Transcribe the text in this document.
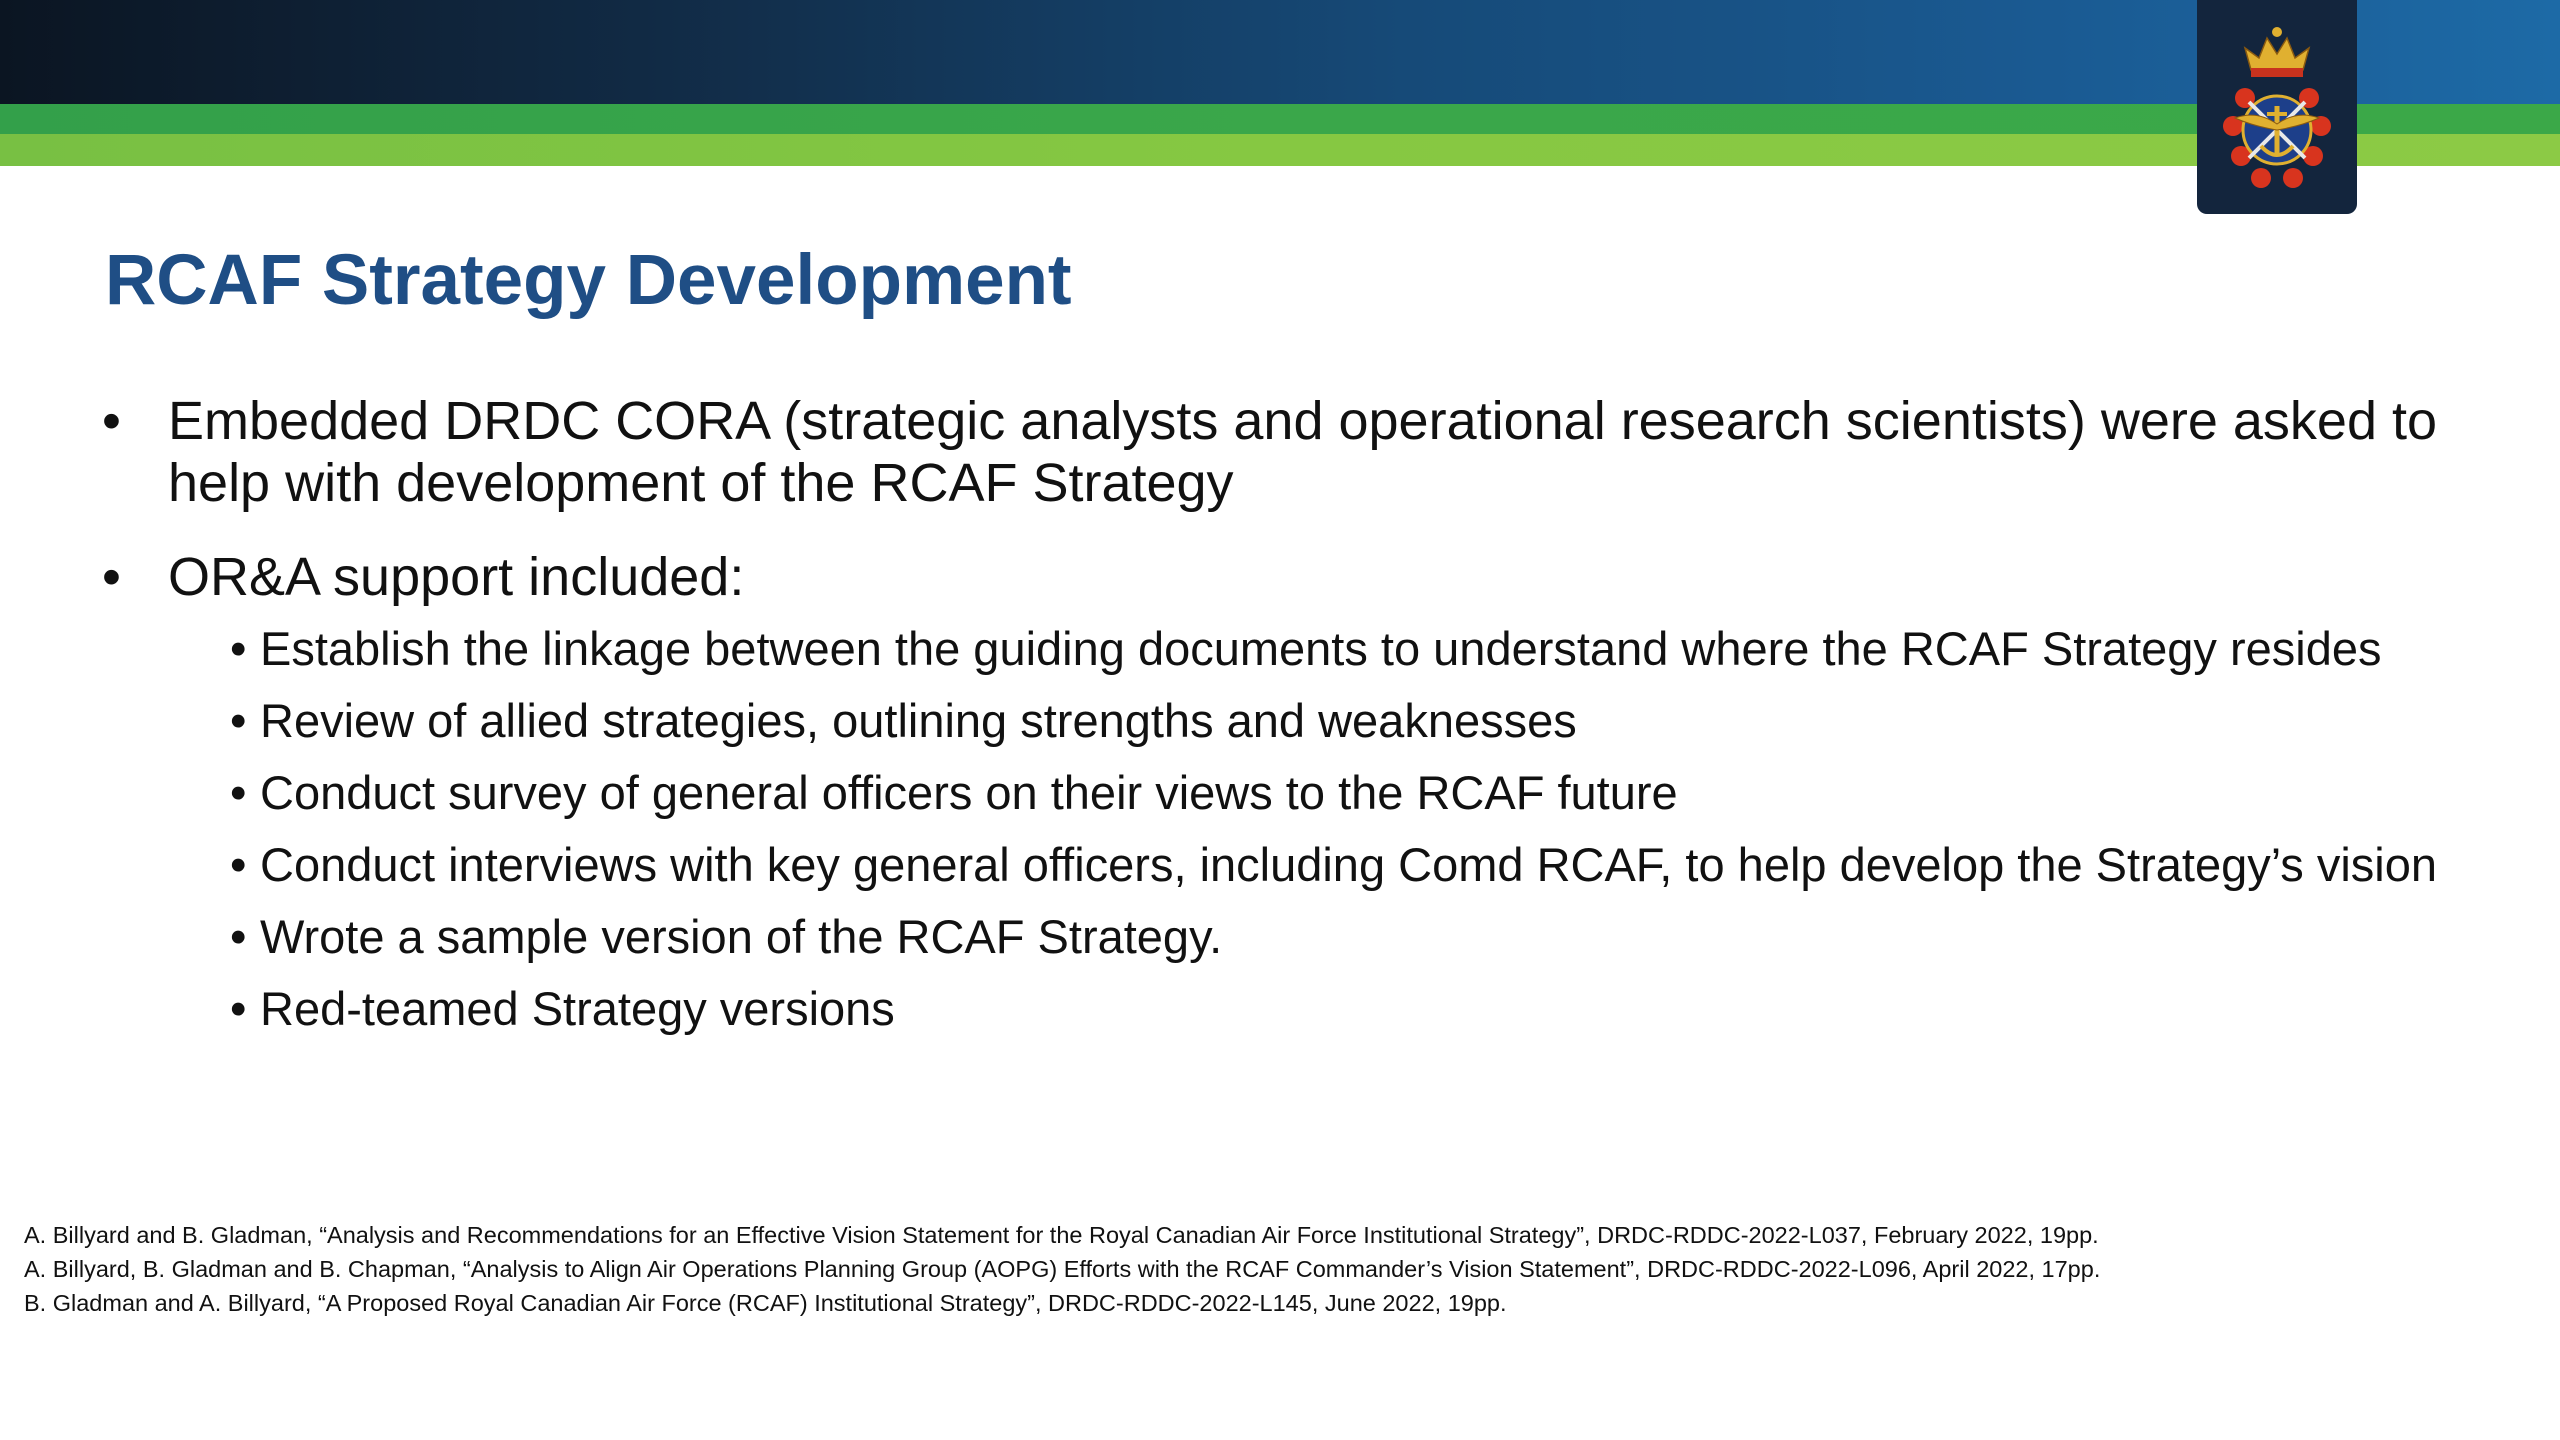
RCAF Strategy Development
• Embedded DRDC CORA (strategic analysts and operational research scientists) were asked to help with development of the RCAF Strategy
• OR&A support included:
• Establish the linkage between the guiding documents to understand where the RCAF Strategy resides
• Review of allied strategies, outlining strengths and weaknesses
• Conduct survey of general officers on their views to the RCAF future
• Conduct interviews with key general officers, including Comd RCAF, to help develop the Strategy’s vision
• Wrote a sample version of the RCAF Strategy.
• Red-teamed Strategy versions
A. Billyard and B. Gladman, “Analysis and Recommendations for an Effective Vision Statement for the Royal Canadian Air Force Institutional Strategy”, DRDC-RDDC-2022-L037, February 2022, 19pp.
A. Billyard, B. Gladman and B. Chapman, “Analysis to Align Air Operations Planning Group (AOPG) Efforts with the RCAF Commander’s Vision Statement”, DRDC-RDDC-2022-L096, April 2022, 17pp.
B. Gladman and A. Billyard, “A Proposed Royal Canadian Air Force (RCAF) Institutional Strategy”, DRDC-RDDC-2022-L145, June 2022, 19pp.
